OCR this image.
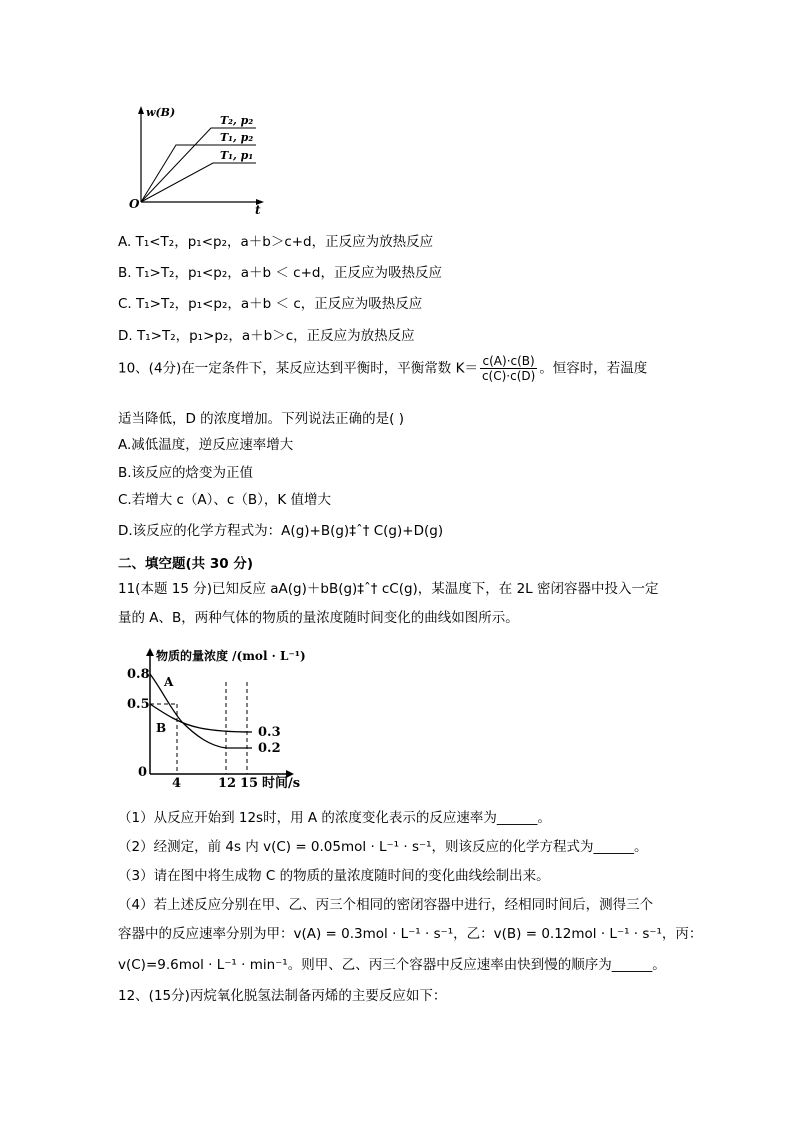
w(B)
O	t
T₂, p₂
T₁, p₂
T₁, p₁
A. T₁<T₂，p₁<p₂，a＋b＞c+d，正反应为放热反应
B. T₁>T₂，p₁<p₂，a＋b ＜ c+d，正反应为吸热反应
C. T₁>T₂，p₁<p₂，a＋b ＜ c，正反应为吸热反应
D. T₁>T₂，p₁>p₂，a＋b＞c，正反应为放热反应
10、(4分)在一定条件下，某反应达到平衡时，平衡常数 $K= \frac{c(A)\cdot c(B)}{c(C)\cdot c(D)}$ 。恒容时，若温度
适当降低，D 的浓度增加。下列说法正确的是( )
A.减低温度，逆反应速率增大
B.该反应的焓变为正值
C.若增大 c（A）、c（B），K 值增大
D.该反应的化学方程式为：A(g)+B(g)‡ˆ† C(g)+D(g)
二、填空题(共 30 分)
11(本题 15 分)已知反应 aA(g)＋bB(g)‡ˆ† cC(g)，某温度下，在 2L 密闭容器中投入一定
量的 A、B，两种气体的物质的量浓度随时间变化的曲线如图所示。
物质的量浓度 /(mol · L⁻¹)
0.8
0.5
0
4	12 15 时间/s
A
B	0.3
0.2
（1）从反应开始到 12s时，用 A 的浓度变化表示的反应速率为______。
（2）经测定，前 4s 内 v(C) = 0.05mol · L⁻¹ · s⁻¹，则该反应的化学方程式为______。
（3）请在图中将生成物 C 的物质的量浓度随时间的变化曲线绘制出来。
（4）若上述反应分别在甲、乙、丙三个相同的密闭容器中进行，经相同时间后，测得三个
容器中的反应速率分别为甲：v(A) = 0.3mol · L⁻¹ · s⁻¹，乙：v(B) = 0.12mol · L⁻¹ · s⁻¹，丙：
v(C)=9.6mol · L⁻¹ · min⁻¹。则甲、乙、丙三个容器中反应速率由快到慢的顺序为______。
12、(15分)丙烷氧化脱氢法制备丙烯的主要反应如下：
